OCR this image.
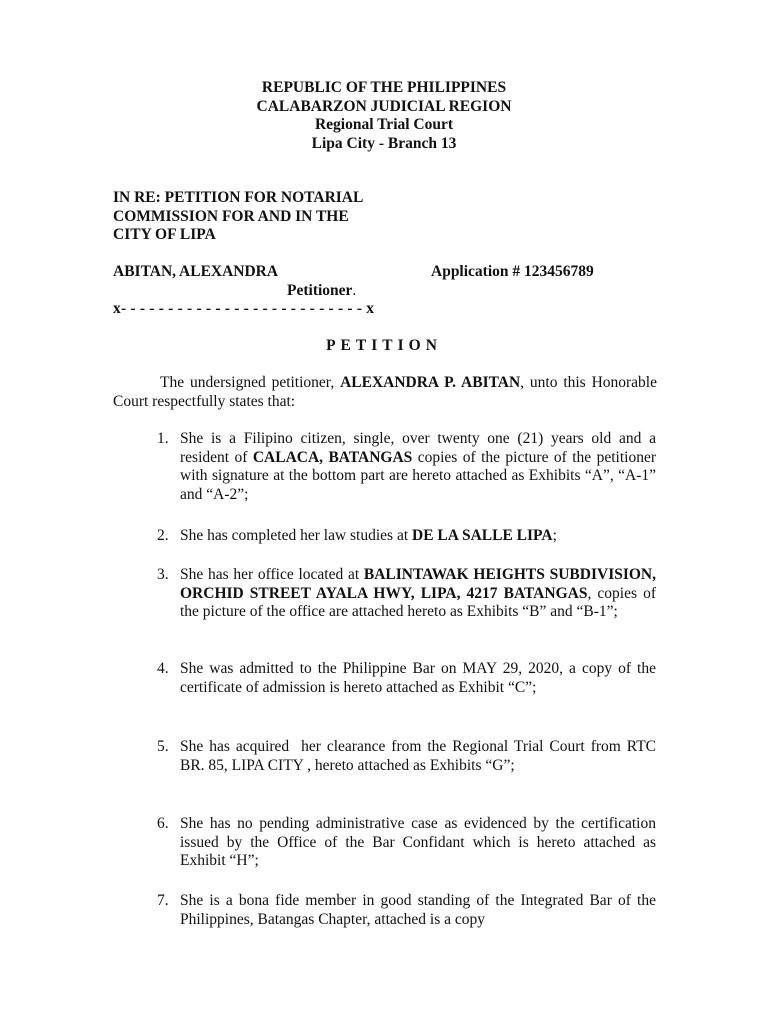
REPUBLIC OF THE PHILIPPINES
CALABARZON JUDICIAL REGION
Regional Trial Court
Lipa City - Branch 13
IN RE: PETITION FOR NOTARIAL
COMMISSION FOR AND IN THE
CITY OF LIPA
ABITAN, ALEXANDRA	Application # 123456789
Petitioner.
x- - - - - - - - - - - - - - - - - - - - - - - - - - x
PETITION
The undersigned petitioner, ALEXANDRA P. ABITAN, unto this Honorable Court respectfully states that:
1. She is a Filipino citizen, single, over twenty one (21) years old and a resident of CALACA, BATANGAS copies of the picture of the petitioner with signature at the bottom part are hereto attached as Exhibits “A”, “A-1” and “A-2”;
2. She has completed her law studies at DE LA SALLE LIPA;
3. She has her office located at BALINTAWAK HEIGHTS SUBDIVISION, ORCHID STREET AYALA HWY, LIPA, 4217 BATANGAS, copies of the picture of the office are attached hereto as Exhibits “B” and “B-1”;
4. She was admitted to the Philippine Bar on MAY 29, 2020, a copy of the certificate of admission is hereto attached as Exhibit “C”;
5. She has acquired  her clearance from the Regional Trial Court from RTC BR. 85, LIPA CITY , hereto attached as Exhibits “G”;
6. She has no pending administrative case as evidenced by the certification issued by the Office of the Bar Confidant which is hereto attached as Exhibit “H”;
7. She is a bona fide member in good standing of the Integrated Bar of the Philippines, Batangas Chapter, attached is a copy
